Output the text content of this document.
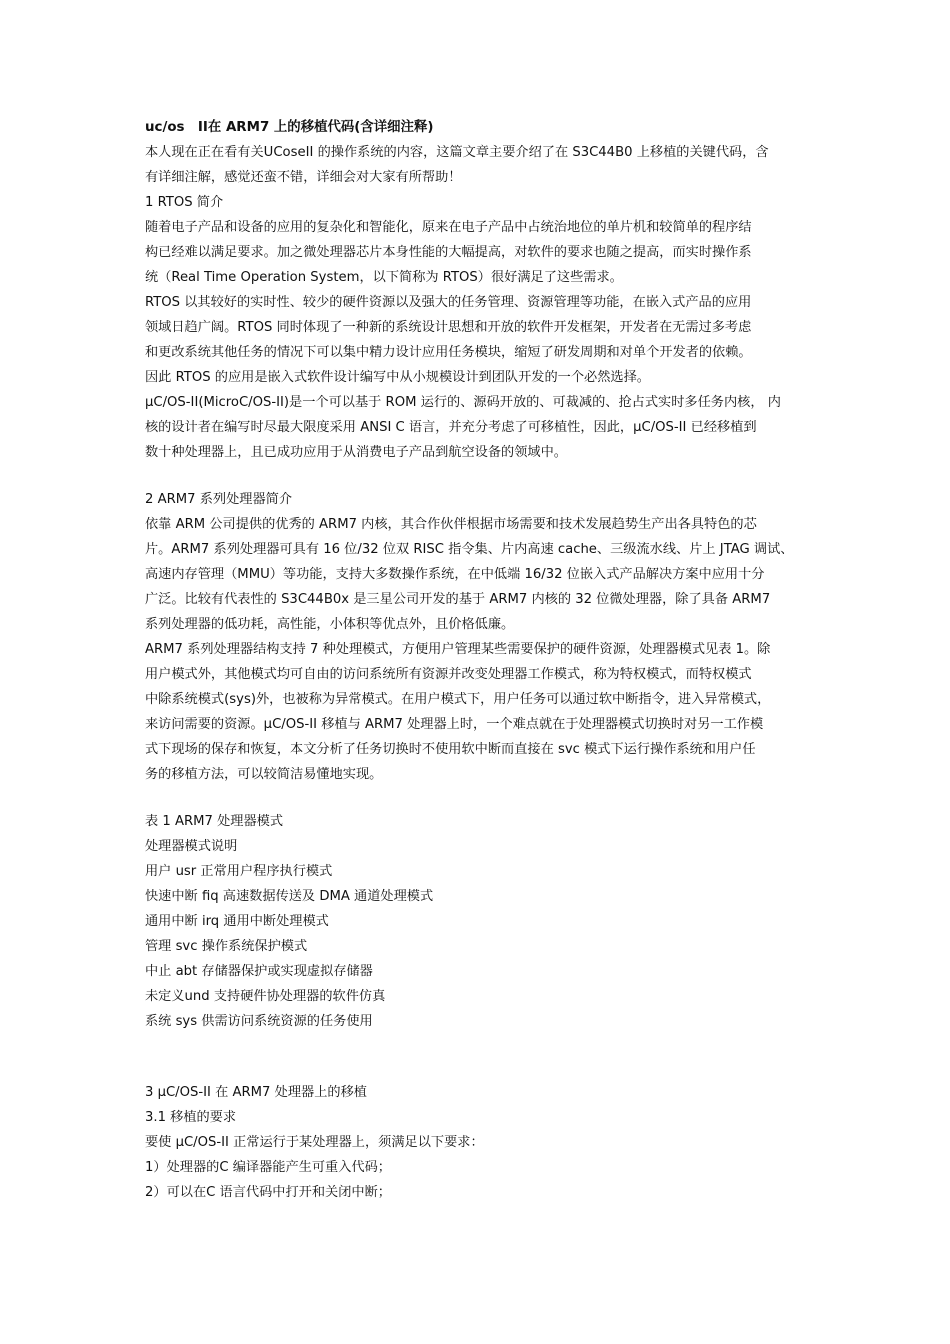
uc/os　II在 ARM7 上的移植代码(含详细注释)
本人现在正在看有关UCoseII 的操作系统的内容，这篇文章主要介绍了在 S3C44B0 上移植的关键代码，含
有详细注解，感觉还蛮不错，详细会对大家有所帮助！
1 RTOS 简介
随着电子产品和设备的应用的复杂化和智能化，原来在电子产品中占统治地位的单片机和较简单的程序结
构已经难以满足要求。加之微处理器芯片本身性能的大幅提高，对软件的要求也随之提高，而实时操作系
统（Real Time Operation System，以下简称为 RTOS）很好满足了这些需求。
RTOS 以其较好的实时性、较少的硬件资源以及强大的任务管理、资源管理等功能，在嵌入式产品的应用
领域日趋广阔。RTOS 同时体现了一种新的系统设计思想和开放的软件开发框架，开发者在无需过多考虑
和更改系统其他任务的情况下可以集中精力设计应用任务模块，缩短了研发周期和对单个开发者的依赖。
因此 RTOS 的应用是嵌入式软件设计编写中从小规模设计到团队开发的一个必然选择。
μC/OS-II(MicroC/OS-II)是一个可以基于 ROM 运行的、源码开放的、可裁减的、抢占式实时多任务内核， 内
核的设计者在编写时尽最大限度采用 ANSI C 语言，并充分考虑了可移植性，因此，μC/OS-II 已经移植到
数十种处理器上，且已成功应用于从消费电子产品到航空设备的领域中。
2 ARM7 系列处理器简介
依靠 ARM 公司提供的优秀的 ARM7 内核，其合作伙伴根据市场需要和技术发展趋势生产出各具特色的芯
片。ARM7 系列处理器可具有 16 位/32 位双 RISC 指令集、片内高速 cache、三级流水线、片上 JTAG 调试、
高速内存管理（MMU）等功能，支持大多数操作系统，在中低端 16/32 位嵌入式产品解决方案中应用十分
广泛。比较有代表性的 S3C44B0x 是三星公司开发的基于 ARM7 内核的 32 位微处理器，除了具备 ARM7
系列处理器的低功耗，高性能，小体积等优点外，且价格低廉。
ARM7 系列处理器结构支持 7 种处理模式，方便用户管理某些需要保护的硬件资源，处理器模式见表 1。除
用户模式外，其他模式均可自由的访问系统所有资源并改变处理器工作模式，称为特权模式，而特权模式
中除系统模式(sys)外，也被称为异常模式。在用户模式下，用户任务可以通过软中断指令，进入异常模式，
来访问需要的资源。μC/OS-II 移植与 ARM7 处理器上时，一个难点就在于处理器模式切换时对另一工作模
式下现场的保存和恢复，本文分析了任务切换时不使用软中断而直接在 svc 模式下运行操作系统和用户任
务的移植方法，可以较简洁易懂地实现。
表 1 ARM7 处理器模式
处理器模式说明
用户 usr 正常用户程序执行模式
快速中断 fiq 高速数据传送及 DMA 通道处理模式
通用中断 irq 通用中断处理模式
管理 svc 操作系统保护模式
中止 abt 存储器保护或实现虚拟存储器
未定义und 支持硬件协处理器的软件仿真
系统 sys 供需访问系统资源的任务使用
3 μC/OS-II 在 ARM7 处理器上的移植
3.1 移植的要求
要使 μC/OS-II 正常运行于某处理器上，须满足以下要求：
1）处理器的C 编译器能产生可重入代码；
2）可以在C 语言代码中打开和关闭中断；
